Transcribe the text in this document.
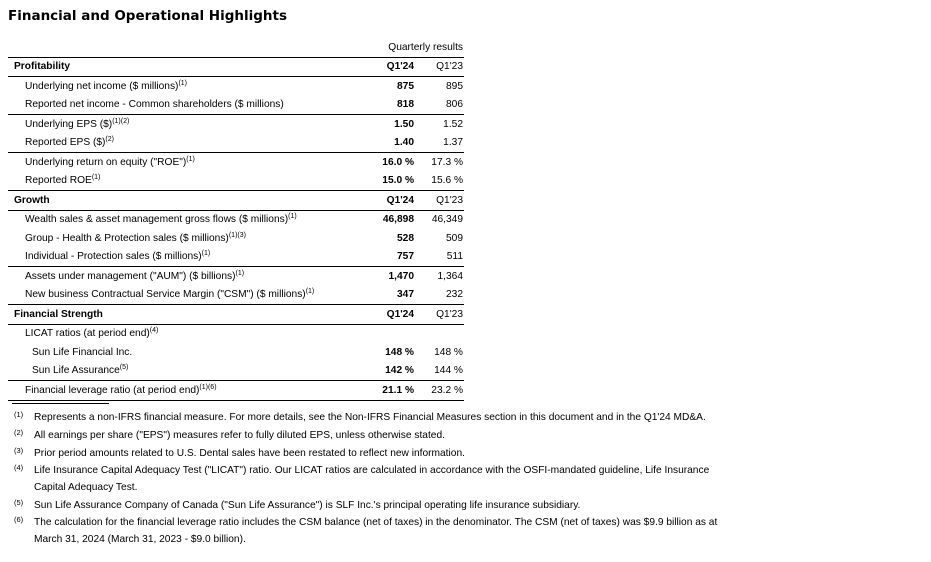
Financial and Operational Highlights
	Quarterly results	
Profitability	Q1'24	Q1'23
Underlying net income ($ millions)$^{(1)}$	875	895
Reported net income - Common shareholders ($ millions)	818	806
Underlying EPS ($)$^{(1)(2)}$	1.50	1.52
Reported EPS ($)$^{(2)}$	1.40	1.37
Underlying return on equity ("ROE")$^{(1)}$	16.0 %	17.3 %
Reported ROE$^{(1)}$	15.0 %	15.6 %
Growth	Q1'24	Q1'23
Wealth sales & asset management gross flows ($ millions)$^{(1)}$	46,898	46,349
Group - Health & Protection sales ($ millions)$^{(1)(3)}$	528	509
Individual - Protection sales ($ millions)$^{(1)}$	757	511
Assets under management ("AUM") ($ billions)$^{(1)}$	1,470	1,364
New business Contractual Service Margin ("CSM") ($ millions)$^{(1)}$	347	232
Financial Strength	Q1'24	Q1'23
LICAT ratios (at period end)$^{(4)}$		
Sun Life Financial Inc.	148 %	148 %
Sun Life Assurance$^{(5)}$	142 %	144 %
Financial leverage ratio (at period end)$^{(1)(6)}$	21.1 %	23.2 %
(1) Represents a non-IFRS financial measure. For more details, see the Non-IFRS Financial Measures section in this document and in the Q1'24 MD&A.
(2) All earnings per share ("EPS") measures refer to fully diluted EPS, unless otherwise stated.
(3) Prior period amounts related to U.S. Dental sales have been restated to reflect new information.
(4) Life Insurance Capital Adequacy Test ("LICAT") ratio. Our LICAT ratios are calculated in accordance with the OSFI-mandated guideline, Life Insurance Capital Adequacy Test.
(5) Sun Life Assurance Company of Canada ("Sun Life Assurance") is SLF Inc.'s principal operating life insurance subsidiary.
(6) The calculation for the financial leverage ratio includes the CSM balance (net of taxes) in the denominator. The CSM (net of taxes) was $9.9 billion as at March 31, 2024 (March 31, 2023 - $9.0 billion).
